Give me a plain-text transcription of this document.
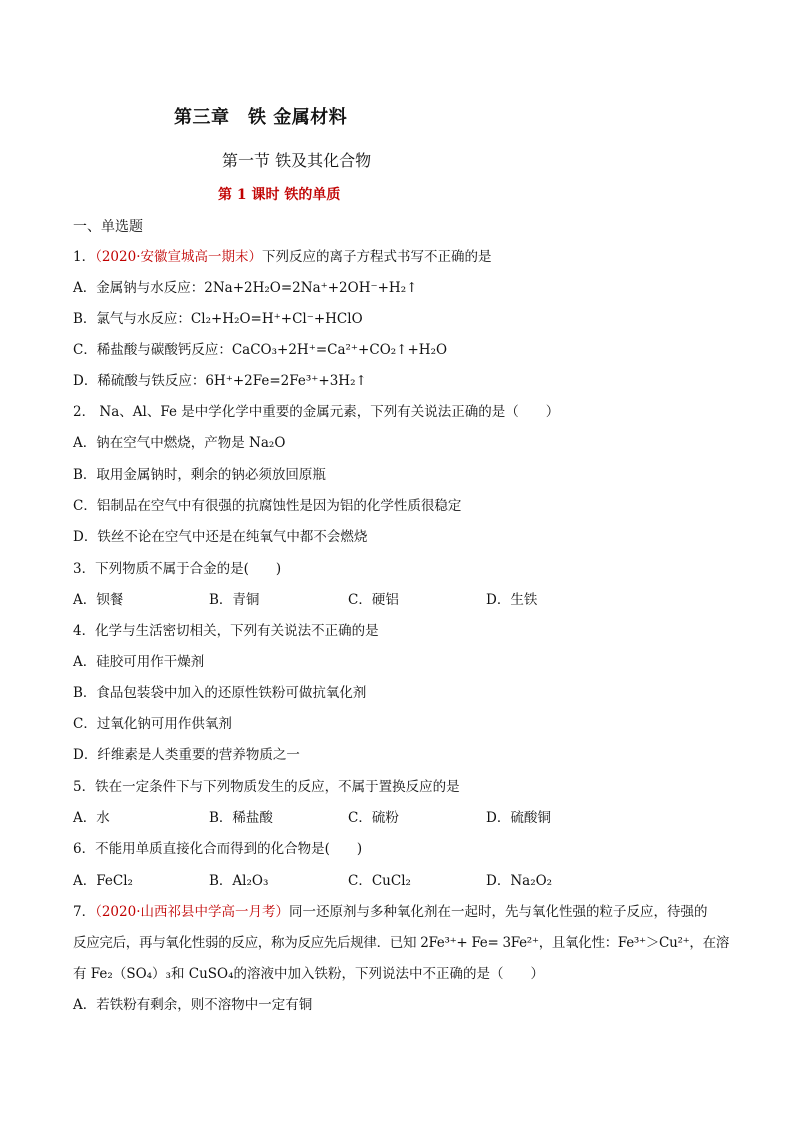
第三章　铁 金属材料
第一节 铁及其化合物
第 1 课时 铁的单质
一、单选题
1．（2020·安徽宣城高一期末）下列反应的离子方程式书写不正确的是
A．金属钠与水反应：2Na+2H₂O=2Na⁺+2OH⁻+H₂↑
B．氯气与水反应：Cl₂+H₂O=H⁺+Cl⁻+HClO
C．稀盐酸与碳酸钙反应：CaCO₃+2H⁺=Ca²⁺+CO₂↑+H₂O
D．稀硫酸与铁反应：6H⁺+2Fe=2Fe³⁺+3H₂↑
2． Na、Al、Fe 是中学化学中重要的金属元素，下列有关说法正确的是（　　）
A．钠在空气中燃烧，产物是 Na₂O
B．取用金属钠时，剩余的钠必须放回原瓶
C．铝制品在空气中有很强的抗腐蚀性是因为铝的化学性质很稳定
D．铁丝不论在空气中还是在纯氧气中都不会燃烧
3．下列物质不属于合金的是(　　)
A．钡餐	B．青铜	C．硬铝	D．生铁
4．化学与生活密切相关，下列有关说法不正确的是
A．硅胶可用作干燥剂
B．食品包装袋中加入的还原性铁粉可做抗氧化剂
C．过氧化钠可用作供氧剂
D．纤维素是人类重要的营养物质之一
5．铁在一定条件下与下列物质发生的反应，不属于置换反应的是
A．水	B．稀盐酸	C．硫粉	D．硫酸铜
6．不能用单质直接化合而得到的化合物是(　　)
A．FeCl₂	B．Al₂O₃	C．CuCl₂	D．Na₂O₂
7．（2020·山西祁县中学高一月考）同一还原剂与多种氧化剂在一起时，先与氧化性强的粒子反应，待强的
反应完后，再与氧化性弱的反应，称为反应先后规律．已知 2Fe³⁺+ Fe= 3Fe²⁺，且氧化性：Fe³⁺＞Cu²⁺，在溶
有 Fe₂（SO₄）₃和 CuSO₄的溶液中加入铁粉，下列说法中不正确的是（　　）
A．若铁粉有剩余，则不溶物中一定有铜
